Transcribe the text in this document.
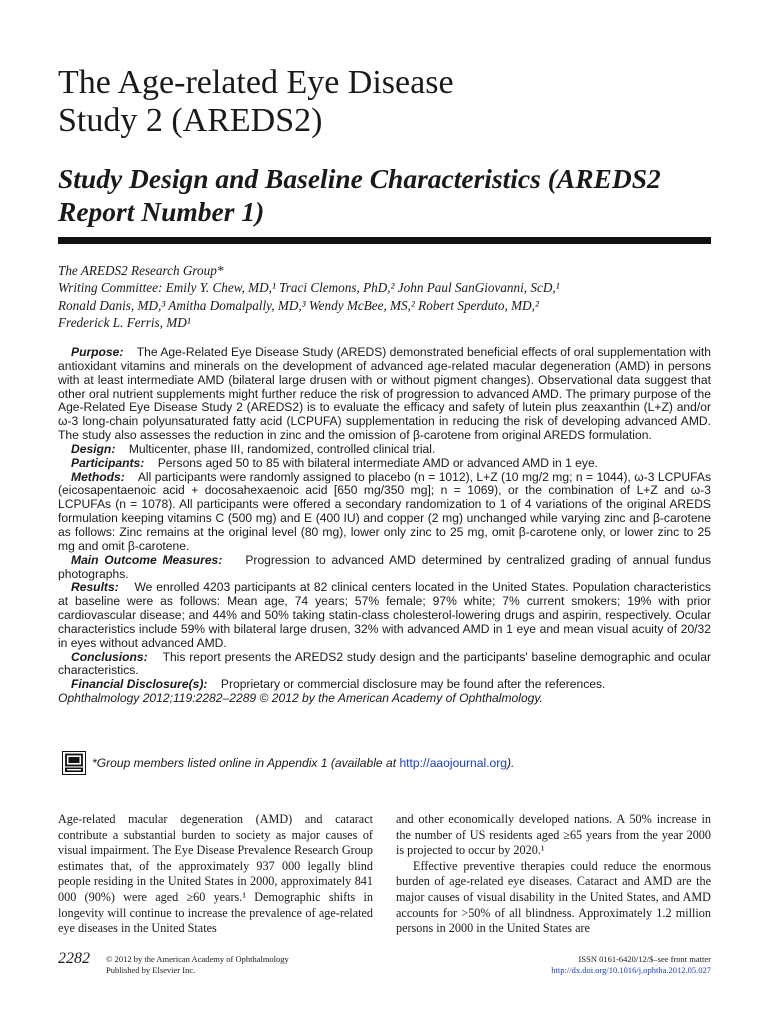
The Age-related Eye Disease
Study 2 (AREDS2)
Study Design and Baseline Characteristics (AREDS2
Report Number 1)
The AREDS2 Research Group*
Writing Committee: Emily Y. Chew, MD,¹ Traci Clemons, PhD,² John Paul SanGiovanni, ScD,¹
Ronald Danis, MD,³ Amitha Domalpally, MD,³ Wendy McBee, MS,² Robert Sperduto, MD,²
Frederick L. Ferris, MD¹

Purpose: The Age-Related Eye Disease Study (AREDS) demonstrated beneficial effects of oral supplementation with antioxidant vitamins and minerals on the development of advanced age-related macular degeneration (AMD) in persons with at least intermediate AMD (bilateral large drusen with or without pigment changes). Observational data suggest that other oral nutrient supplements might further reduce the risk of progression to advanced AMD. The primary purpose of the Age-Related Eye Disease Study 2 (AREDS2) is to evaluate the efficacy and safety of lutein plus zeaxanthin (L+Z) and/or ω-3 long-chain polyunsaturated fatty acid (LCPUFA) supplementation in reducing the risk of developing advanced AMD. The study also assesses the reduction in zinc and the omission of β-carotene from original AREDS formulation.

Design: Multicenter, phase III, randomized, controlled clinical trial.

Participants: Persons aged 50 to 85 with bilateral intermediate AMD or advanced AMD in 1 eye.

Methods: All participants were randomly assigned to placebo (n = 1012), L+Z (10 mg/2 mg; n = 1044), ω-3 LCPUFAs (eicosapentaenoic acid + docosahexaenoic acid [650 mg/350 mg]; n = 1069), or the combination of L+Z and ω-3 LCPUFAs (n = 1078). All participants were offered a secondary randomization to 1 of 4 variations of the original AREDS formulation keeping vitamins C (500 mg) and E (400 IU) and copper (2 mg) unchanged while varying zinc and β-carotene as follows: Zinc remains at the original level (80 mg), lower only zinc to 25 mg, omit β-carotene only, or lower zinc to 25 mg and omit β-carotene.

Main Outcome Measures: Progression to advanced AMD determined by centralized grading of annual fundus photographs.

Results: We enrolled 4203 participants at 82 clinical centers located in the United States. Population characteristics at baseline were as follows: Mean age, 74 years; 57% female; 97% white; 7% current smokers; 19% with prior cardiovascular disease; and 44% and 50% taking statin-class cholesterol-lowering drugs and aspirin, respectively. Ocular characteristics include 59% with bilateral large drusen, 32% with advanced AMD in 1 eye and mean visual acuity of 20/32 in eyes without advanced AMD.

Conclusions: This report presents the AREDS2 study design and the participants' baseline demographic and ocular characteristics.

Financial Disclosure(s): Proprietary or commercial disclosure may be found after the references.
Ophthalmology 2012;119:2282–2289 © 2012 by the American Academy of Ophthalmology.

*Group members listed online in Appendix 1 (available at http://aaojournal.org).

Age-related macular degeneration (AMD) and cataract contribute a substantial burden to society as major causes of visual impairment. The Eye Disease Prevalence Research Group estimates that, of the approximately 937 000 legally blind people residing in the United States in 2000, approximately 841 000 (90%) were aged ≥60 years.¹ Demographic shifts in longevity will continue to increase the prevalence of age-related eye diseases in the United States

and other economically developed nations. A 50% increase in the number of US residents aged ≥65 years from the year 2000 is projected to occur by 2020.¹

Effective preventive therapies could reduce the enormous burden of age-related eye diseases. Cataract and AMD are the major causes of visual disability in the United States, and AMD accounts for >50% of all blindness. Approximately 1.2 million persons in 2000 in the United States are

2282 © 2012 by the American Academy of Ophthalmology
Published by Elsevier Inc.
ISSN 0161-6420/12/$–see front matter
http://dx.doi.org/10.1016/j.ophtha.2012.05.027
